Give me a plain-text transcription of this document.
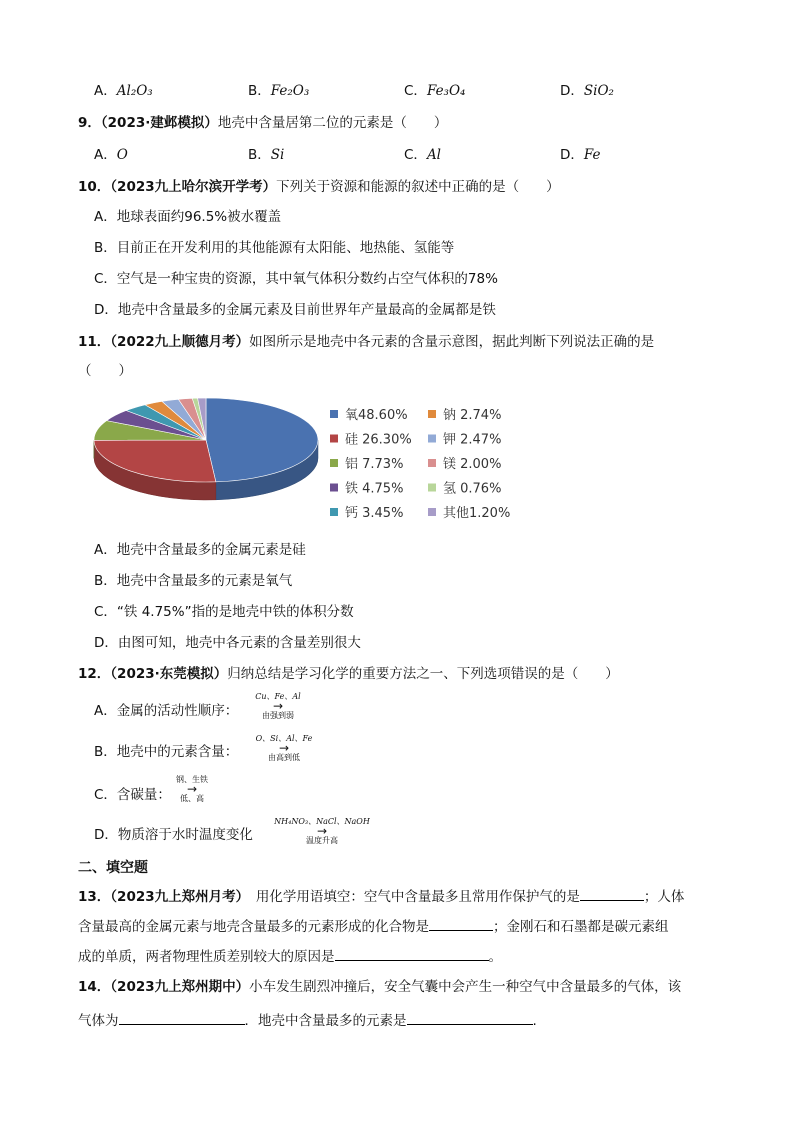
A．Al₂O₃	B．Fe₂O₃	C．Fe₃O₄	D．SiO₂
9．（2023·建邺模拟）地壳中含量居第二位的元素是（　　）
A．O	B．Si	C．Al	D．Fe
10．（2023九上哈尔滨开学考）下列关于资源和能源的叙述中正确的是（　　）
A．地球表面约96.5%被水覆盖
B．目前正在开发利用的其他能源有太阳能、地热能、氢能等
C．空气是一种宝贵的资源，其中氧气体积分数约占空气体积的78%
D．地壳中含量最多的金属元素及目前世界年产量最高的金属都是铁
11．（2022九上顺德月考）如图所示是地壳中各元素的含量示意图，据此判断下列说法正确的是
（　　）
氧48.60%
硅 26.30%
铝 7.73%
铁 4.75%
钙 3.45%
钠 2.74%
钾 2.47%
镁 2.00%
氢 0.76%
其他1.20%
A．地壳中含量最多的金属元素是硅
B．地壳中含量最多的元素是氧气
C．“铁 4.75%”指的是地壳中铁的体积分数
D．由图可知，地壳中各元素的含量差别很大
12．（2023·东莞模拟）归纳总结是学习化学的重要方法之一、下列选项错误的是（　　）
A．金属的活动性顺序：
Cu、Fe、Al
→
由强到弱
B．地壳中的元素含量：
O、Si、Al、Fe
→
由高到低
C．含碳量：
钢、生铁
→
低、高
D．物质溶于水时温度变化
NH₄NO₃、NaCl、NaOH
→
温度升高
二、填空题
13．（2023九上郑州月考）　用化学用语填空：空气中含量最多且常用作保护气的是	；人体
含量最高的金属元素与地壳含量最多的元素形成的化合物是	；金刚石和石墨都是碳元素组
成的单质，两者物理性质差别较大的原因是	。
14．（2023九上郑州期中）小车发生剧烈冲撞后，安全气囊中会产生一种空气中含量最多的气体，该
气体为	．地壳中含量最多的元素是	.
